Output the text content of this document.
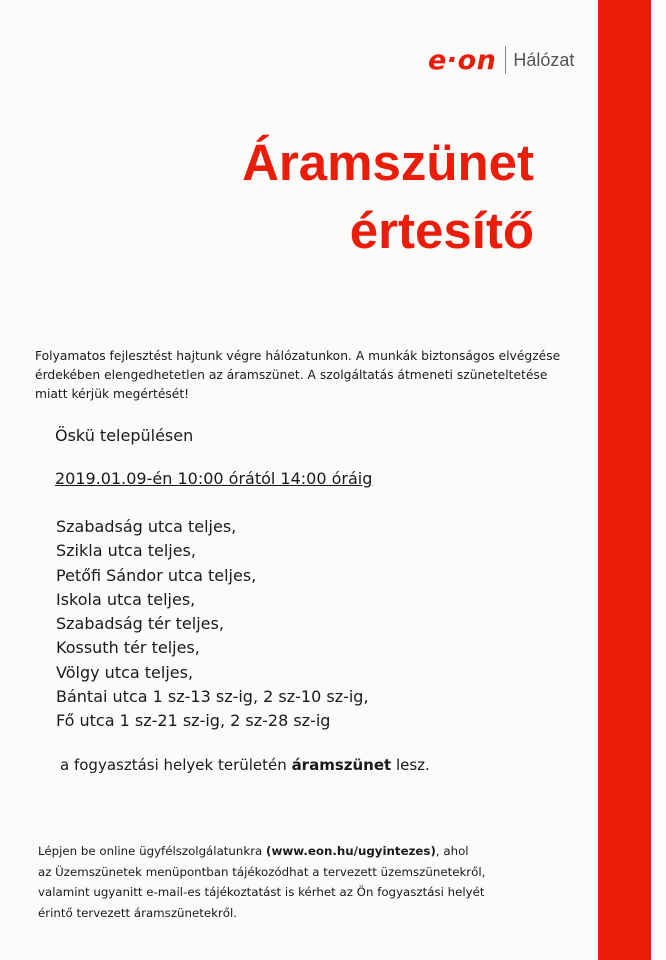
e·on Hálózat
Áramszünet
értesítő

Folyamatos fejlesztést hajtunk végre hálózatunkon. A munkák biztonságos elvégzése
érdekében elengedhetetlen az áramszünet. A szolgáltatás átmeneti szüneteltetése
miatt kérjük megértését!

Öskü településen

2019.01.09-én 10:00 órától 14:00 óráig

Szabadság utca teljes,
Szikla utca teljes,
Petőfi Sándor utca teljes,
Iskola utca teljes,
Szabadság tér teljes,
Kossuth tér teljes,
Völgy utca teljes,
Bántai utca 1 sz-13 sz-ig, 2 sz-10 sz-ig,
Fő utca 1 sz-21 sz-ig, 2 sz-28 sz-ig

a fogyasztási helyek területén áramszünet lesz.

Lépjen be online ügyfélszolgálatunkra (www.eon.hu/ugyintezes), ahol
az Üzemszünetek menüpontban tájékozódhat a tervezett üzemszünetekről,
valamint ugyanitt e-mail-es tájékoztatást is kérhet az Ön fogyasztási helyét
érintő tervezett áramszünetekről.
